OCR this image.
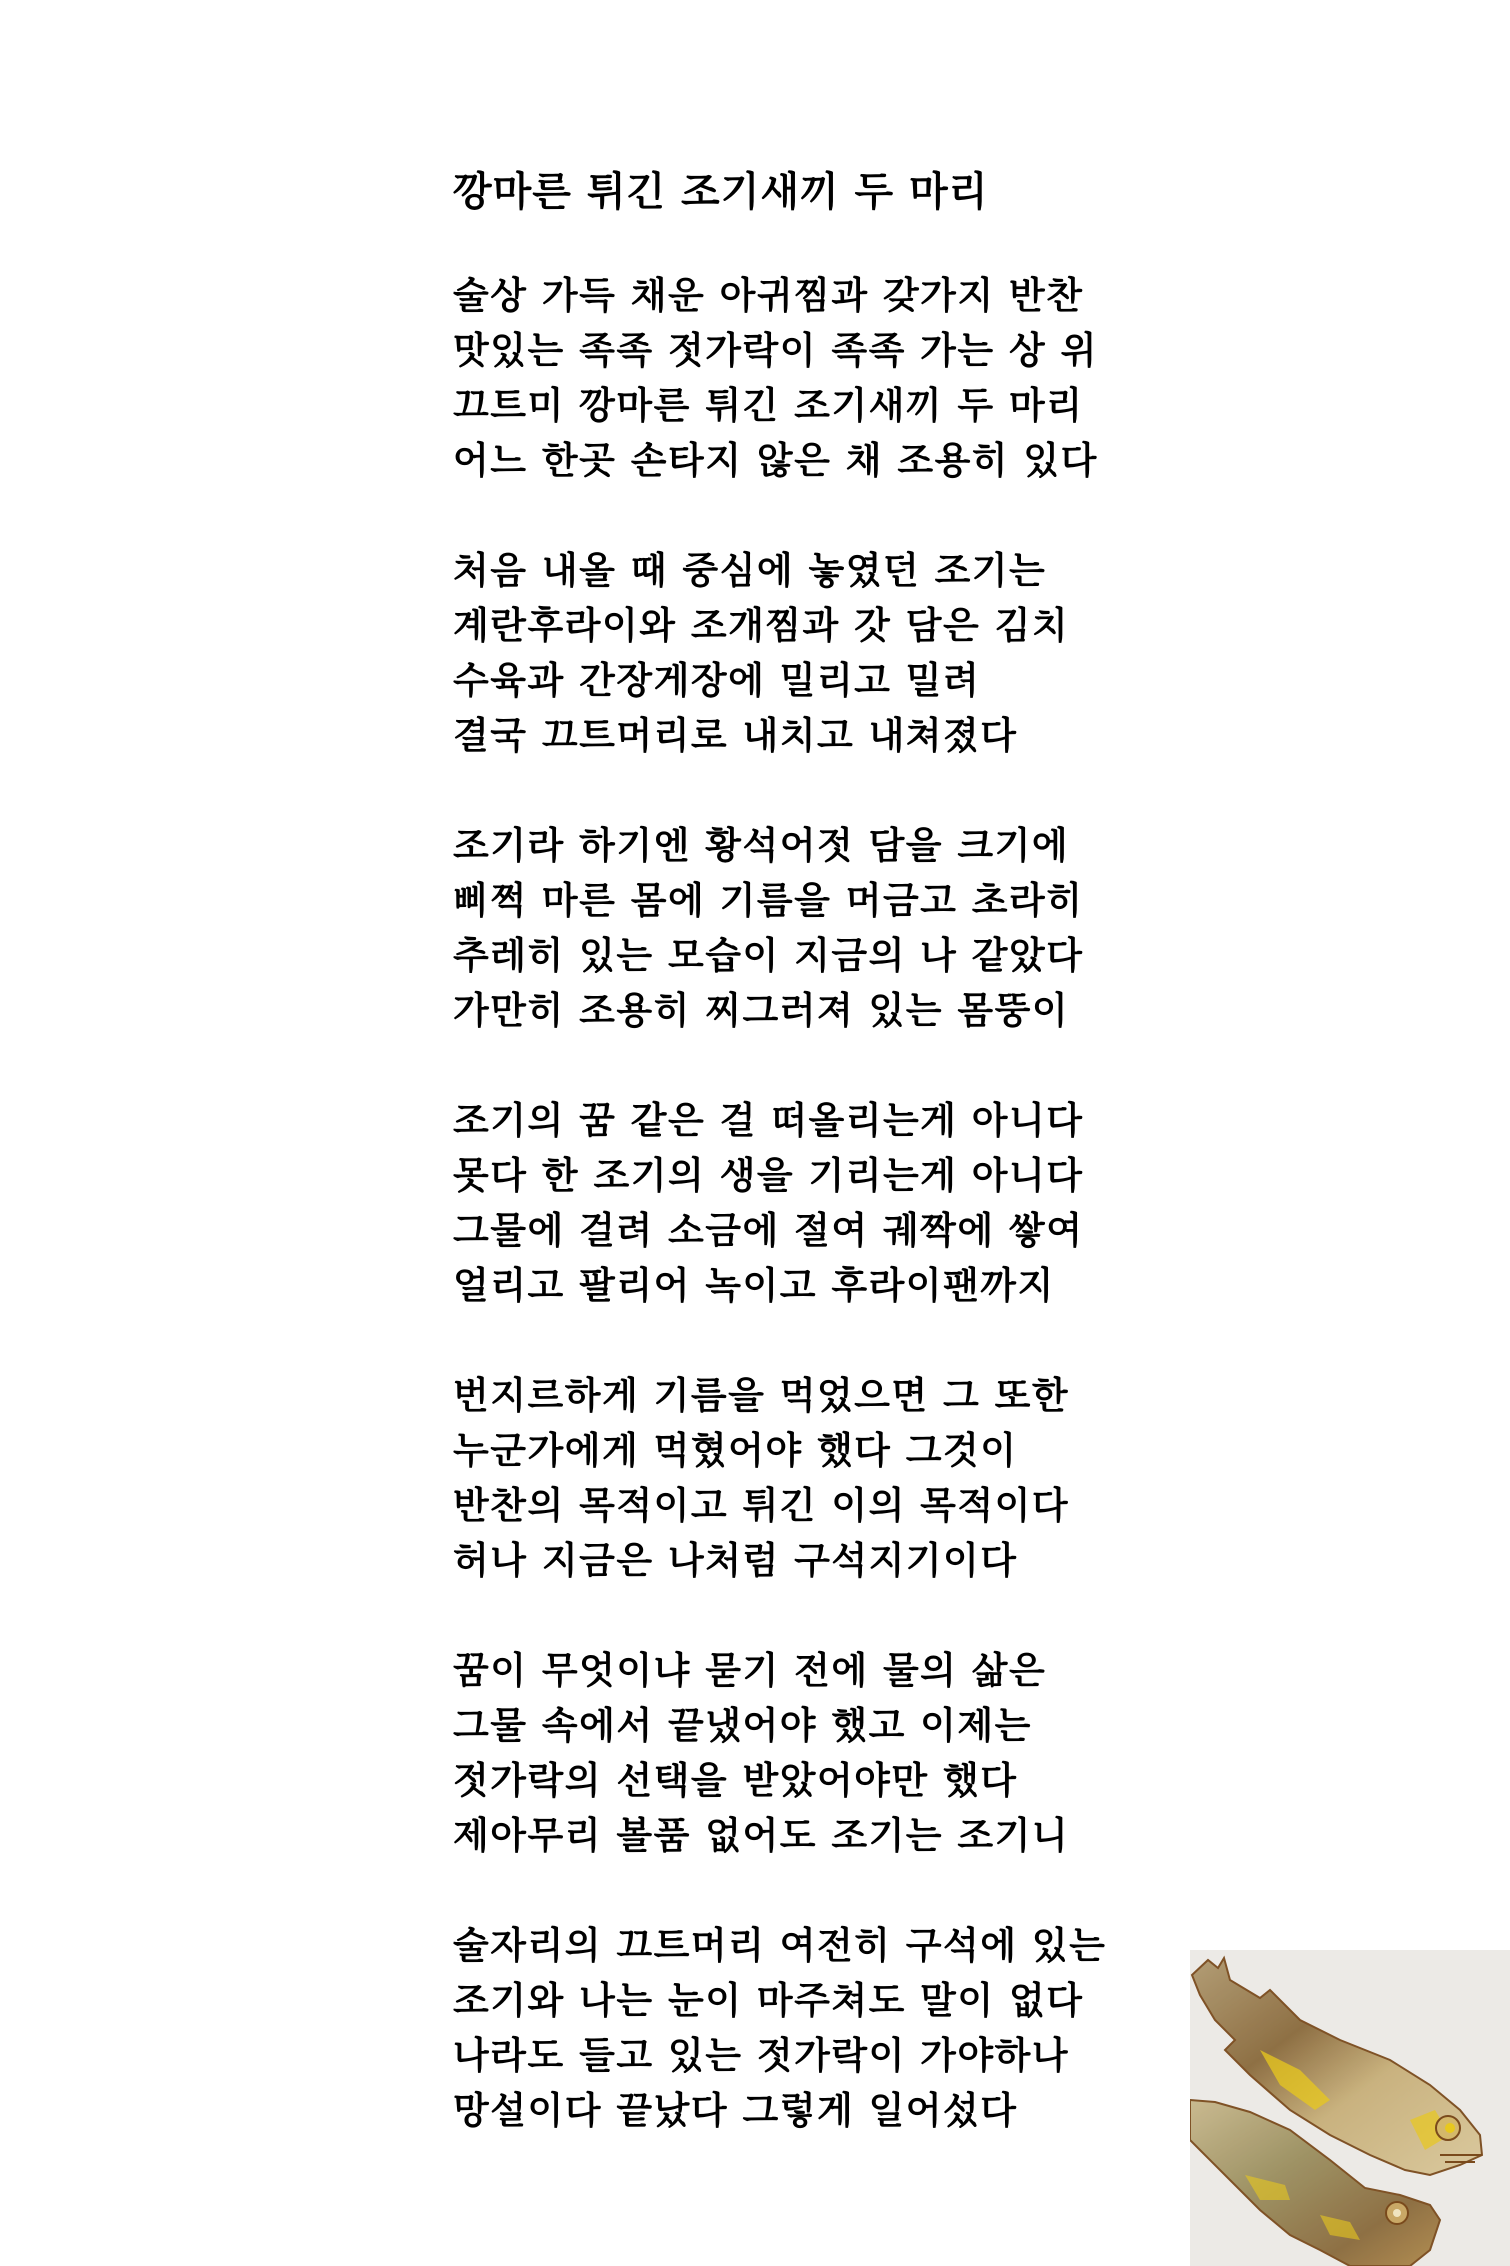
깡마른 튀긴 조기새끼 두 마리
술상 가득 채운 아귀찜과 갖가지 반찬
맛있는 족족 젓가락이 족족 가는 상 위
끄트미 깡마른 튀긴 조기새끼 두 마리
어느 한곳 손타지 않은 채 조용히 있다
처음 내올 때 중심에 놓였던 조기는
계란후라이와 조개찜과 갓 담은 김치
수육과 간장게장에 밀리고 밀려
결국 끄트머리로 내치고 내쳐졌다
조기라 하기엔 황석어젓 담을 크기에
삐쩍 마른 몸에 기름을 머금고 초라히
추레히 있는 모습이 지금의 나 같았다
가만히 조용히 찌그러져 있는 몸뚱이
조기의 꿈 같은 걸 떠올리는게 아니다
못다 한 조기의 생을 기리는게 아니다
그물에 걸려 소금에 절여 궤짝에 쌓여
얼리고 팔리어 녹이고 후라이팬까지
번지르하게 기름을 먹었으면 그 또한
누군가에게 먹혔어야 했다 그것이
반찬의 목적이고 튀긴 이의 목적이다
허나 지금은 나처럼 구석지기이다
꿈이 무엇이냐 묻기 전에 물의 삶은
그물 속에서 끝냈어야 했고 이제는
젓가락의 선택을 받았어야만 했다
제아무리 볼품 없어도 조기는 조기니
술자리의 끄트머리 여전히 구석에 있는
조기와 나는 눈이 마주쳐도 말이 없다
나라도 들고 있는 젓가락이 가야하나
망설이다 끝났다 그렇게 일어섰다
